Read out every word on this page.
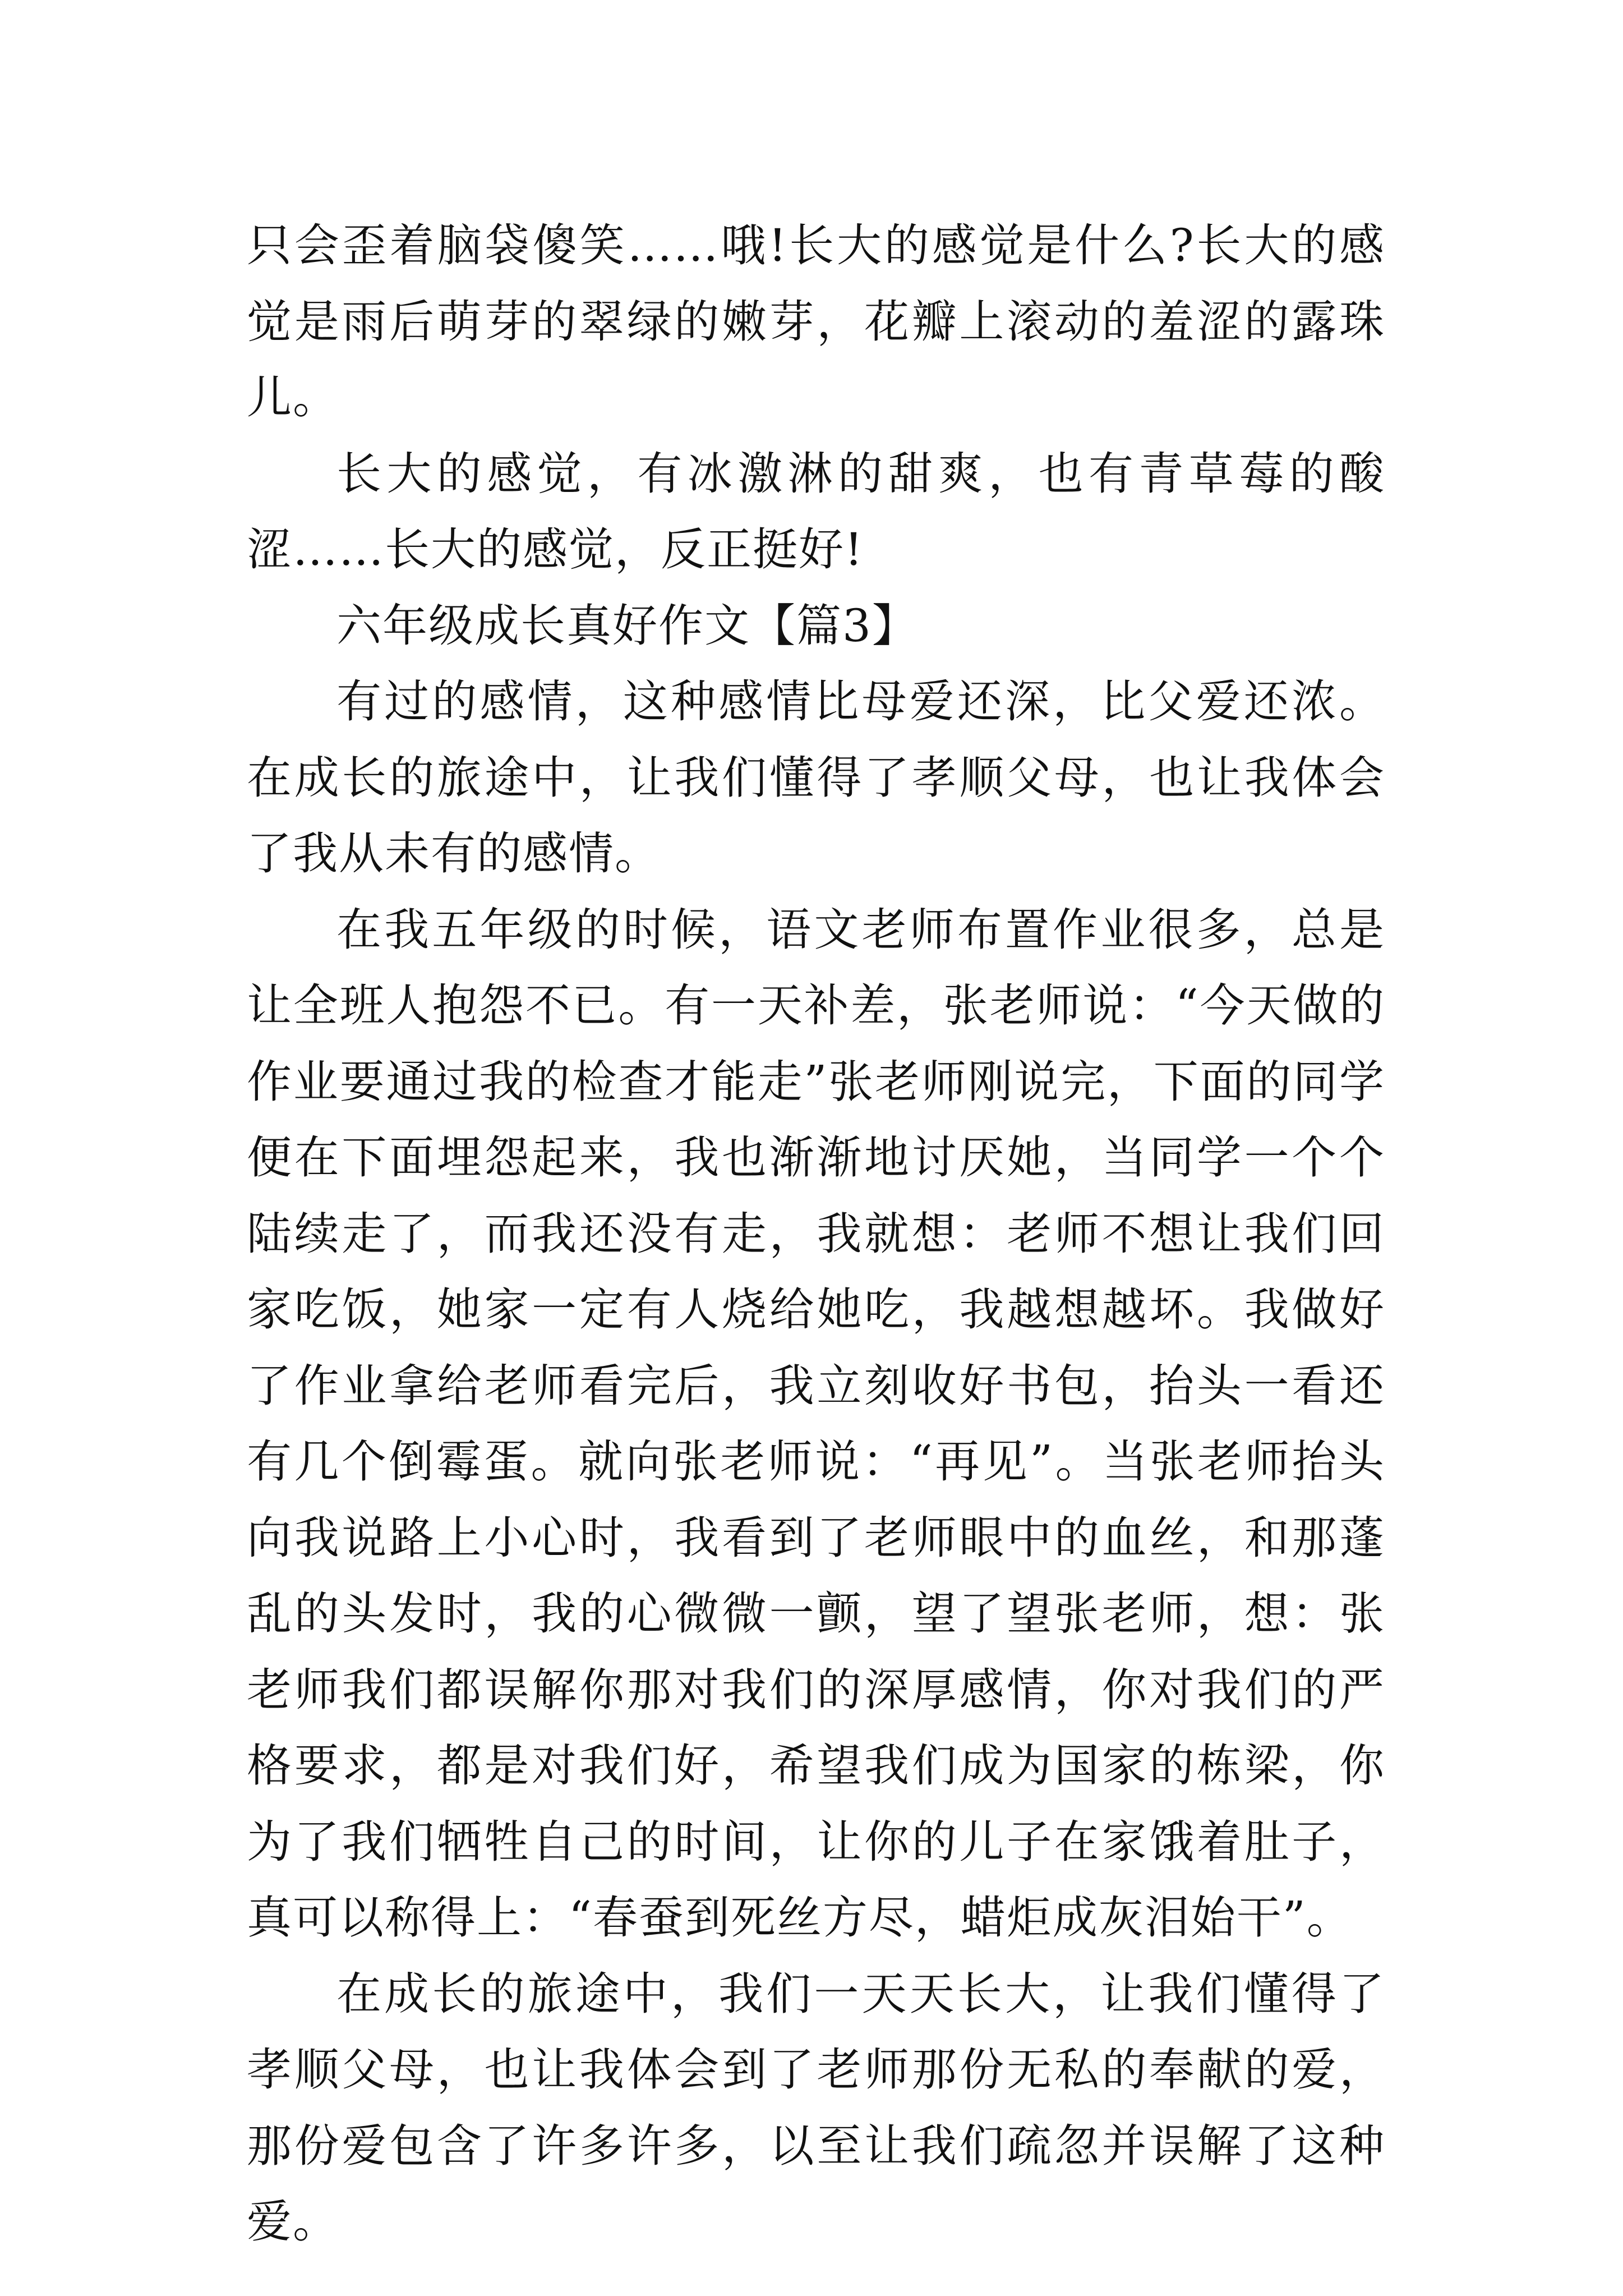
只会歪着脑袋傻笑……哦!长大的感觉是什么?长大的感觉是雨后萌芽的翠绿的嫩芽，花瓣上滚动的羞涩的露珠儿。

长大的感觉，有冰激淋的甜爽，也有青草莓的酸涩……长大的感觉，反正挺好!

六年级成长真好作文【篇3】

有过的感情，这种感情比母爱还深，比父爱还浓。在成长的旅途中，让我们懂得了孝顺父母，也让我体会了我从未有的感情。

在我五年级的时候，语文老师布置作业很多，总是让全班人抱怨不已。有一天补差，张老师说：“今天做的作业要通过我的检查才能走”张老师刚说完，下面的同学便在下面埋怨起来，我也渐渐地讨厌她，当同学一个个陆续走了，而我还没有走，我就想：老师不想让我们回家吃饭，她家一定有人烧给她吃，我越想越坏。我做好了作业拿给老师看完后，我立刻收好书包，抬头一看还有几个倒霉蛋。就向张老师说：“再见”。当张老师抬头向我说路上小心时，我看到了老师眼中的血丝，和那蓬乱的头发时，我的心微微一颤，望了望张老师，想：张老师我们都误解你那对我们的深厚感情，你对我们的严格要求，都是对我们好，希望我们成为国家的栋梁，你为了我们牺牲自己的时间，让你的儿子在家饿着肚子，真可以称得上：“春蚕到死丝方尽，蜡炬成灰泪始干”。

在成长的旅途中，我们一天天长大，让我们懂得了孝顺父母，也让我体会到了老师那份无私的奉献的爱，那份爱包含了许多许多，以至让我们疏忽并误解了这种爱。
